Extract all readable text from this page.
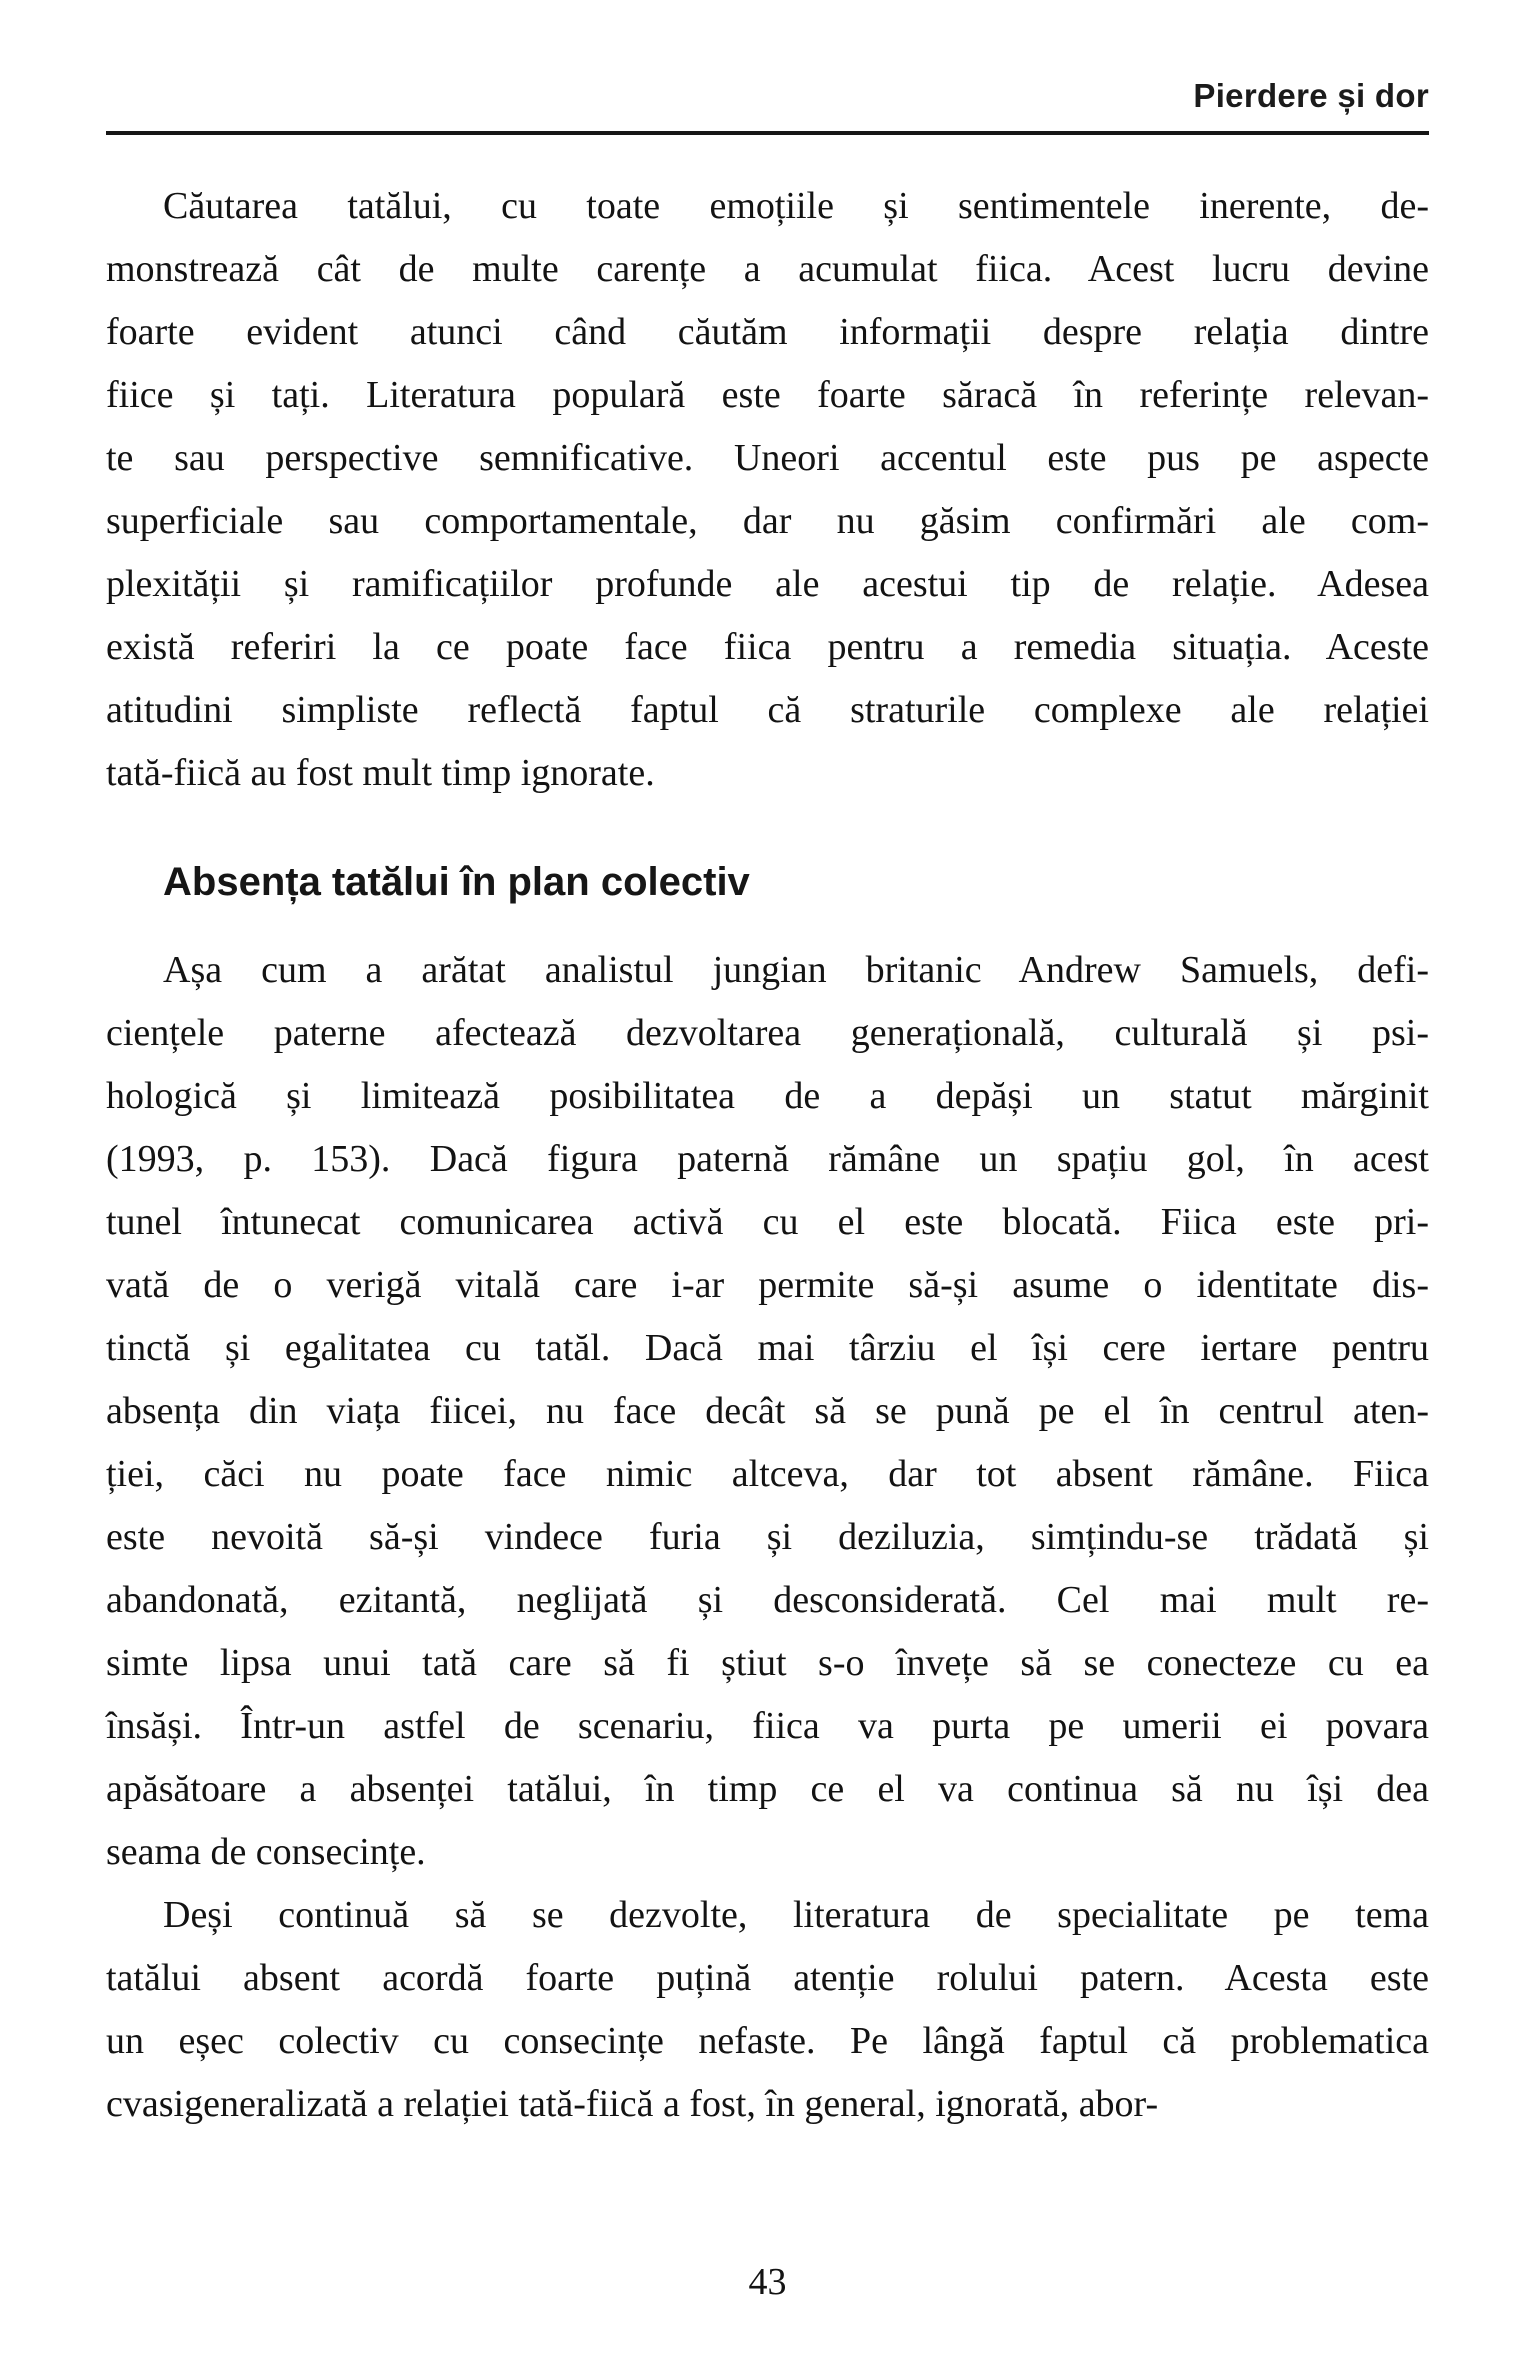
Pierdere și dor
Căutarea tatălui, cu toate emoțiile și sentimentele inerente, de-
monstrează cât de multe carențe a acumulat fiica. Acest lucru devine
foarte evident atunci când căutăm informații despre relația dintre
fiice și tați. Literatura populară este foarte săracă în referințe relevan-
te sau perspective semnificative. Uneori accentul este pus pe aspecte
superficiale sau comportamentale, dar nu găsim confirmări ale com-
plexității și ramificațiilor profunde ale acestui tip de relație. Adesea
există referiri la ce poate face fiica pentru a remedia situația. Aceste
atitudini simpliste reflectă faptul că straturile complexe ale relației
tată-fiică au fost mult timp ignorate.
Absența tatălui în plan colectiv
Așa cum a arătat analistul jungian britanic Andrew Samuels, defi-
ciențele paterne afectează dezvoltarea generațională, culturală și psi-
hologică și limitează posibilitatea de a depăși un statut mărginit
(1993, p. 153). Dacă figura paternă rămâne un spațiu gol, în acest
tunel întunecat comunicarea activă cu el este blocată. Fiica este pri-
vată de o verigă vitală care i-ar permite să-și asume o identitate dis-
tinctă și egalitatea cu tatăl. Dacă mai târziu el își cere iertare pentru
absența din viața fiicei, nu face decât să se pună pe el în centrul aten-
ției, căci nu poate face nimic altceva, dar tot absent rămâne. Fiica
este nevoită să-și vindece furia și deziluzia, simțindu-se trădată și
abandonată, ezitantă, neglijată și desconsiderată. Cel mai mult re-
simte lipsa unui tată care să fi știut s-o învețe să se conecteze cu ea
însăși. Într-un astfel de scenariu, fiica va purta pe umerii ei povara
apăsătoare a absenței tatălui, în timp ce el va continua să nu își dea
seama de consecințe.
Deși continuă să se dezvolte, literatura de specialitate pe tema
tatălui absent acordă foarte puțină atenție rolului patern. Acesta este
un eșec colectiv cu consecințe nefaste. Pe lângă faptul că problematica
cvasigeneralizată a relației tată-fiică a fost, în general, ignorată, abor-
43
